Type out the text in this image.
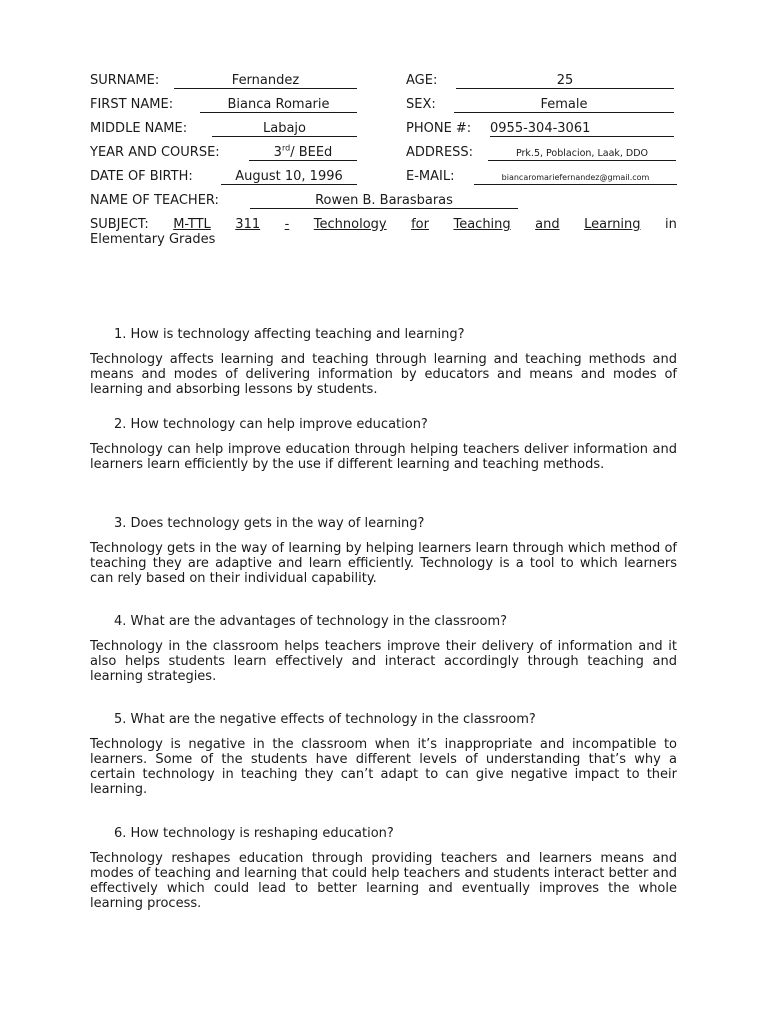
SURNAME:	Fernandez
FIRST NAME:	Bianca Romarie
MIDDLE NAME:	Labajo
YEAR AND COURSE:	3rd/ BEEd
DATE OF BIRTH:	August 10, 1996
NAME OF TEACHER:	Rowen B. Barasbaras
AGE:	25
SEX:	Female
PHONE #: 0955-304-3061
ADDRESS:	Prk.5, Poblacion, Laak, DDO
E-MAIL:	biancaromariefernandez@gmail.com
SUBJECT: M-TTL 311 - Technology for Teaching and Learning in
Elementary Grades

1. How is technology affecting teaching and learning?

Technology affects learning and teaching through learning and teaching methods and means and modes of delivering information by educators and means and modes of learning and absorbing lessons by students.

2. How technology can help improve education?

Technology can help improve education through helping teachers deliver information and learners learn efficiently by the use if different learning and teaching methods.

3. Does technology gets in the way of learning?

Technology gets in the way of learning by helping learners learn through which method of teaching they are adaptive and learn efficiently. Technology is a tool to which learners can rely based on their individual capability.

4. What are the advantages of technology in the classroom?

Technology in the classroom helps teachers improve their delivery of information and it also helps students learn effectively and interact accordingly through teaching and learning strategies.

5. What are the negative effects of technology in the classroom?

Technology is negative in the classroom when it’s inappropriate and incompatible to learners. Some of the students have different levels of understanding that’s why a certain technology in teaching they can’t adapt to can give negative impact to their learning.

6. How technology is reshaping education?

Technology reshapes education through providing teachers and learners means and modes of teaching and learning that could help teachers and students interact better and effectively which could lead to better learning and eventually improves the whole learning process.
